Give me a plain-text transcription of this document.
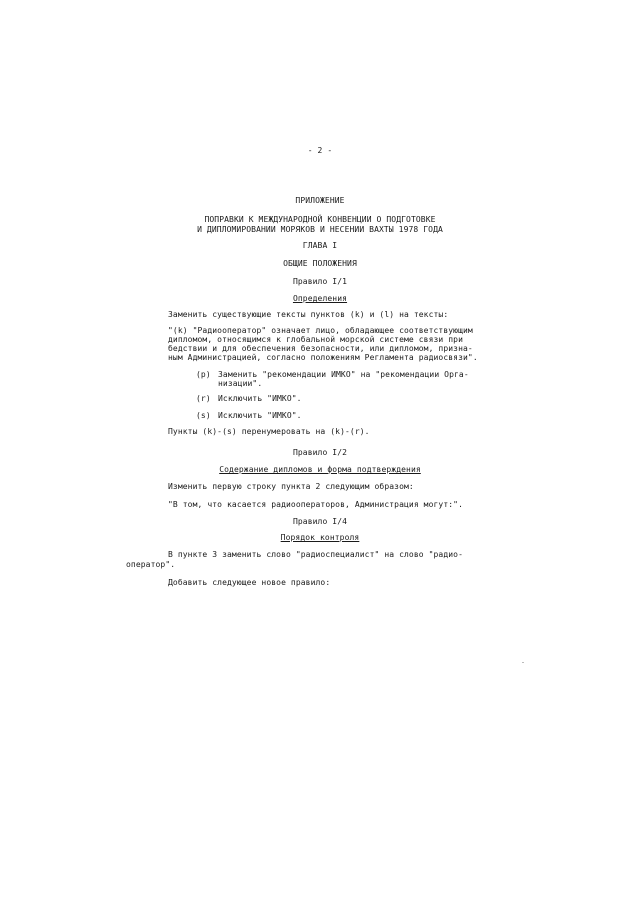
- 2 -
ПРИЛОЖЕНИЕ
ПОПРАВКИ К МЕЖДУНАРОДНОЙ КОНВЕНЦИИ О ПОДГОТОВКЕ
И ДИПЛОМИРОВАНИИ МОРЯКОВ И НЕСЕНИИ ВАХТЫ 1978 ГОДА
ГЛАВА I
ОБЩИЕ ПОЛОЖЕНИЯ
Правило I/1
Определения
Заменить существующие тексты пунктов (k) и (l) на тексты:
"(k) "Радиооператор" означает лицо, обладающее соответствующим
дипломом, относящимся к глобальной морской системе связи при
бедствии и для обеспечения безопасности, или дипломом, призна-
ным Администрацией, согласно положениям Регламента радиосвязи".
(p) Заменить "рекомендации ИМКО" на "рекомендации Орга-
низации".
(r) Исключить "ИМКО".
(s) Исключить "ИМКО".
Пункты (k)-(s) перенумеровать на (k)-(r).
Правило I/2
Содержание дипломов и форма подтверждения
Изменить первую строку пункта 2 следующим образом:
"В том, что касается радиооператоров, Администрация могут:".
Правило I/4
Порядок контроля
В пункте 3 заменить слово "радиоспециалист" на слово "радио-
оператор".
Добавить следующее новое правило:
